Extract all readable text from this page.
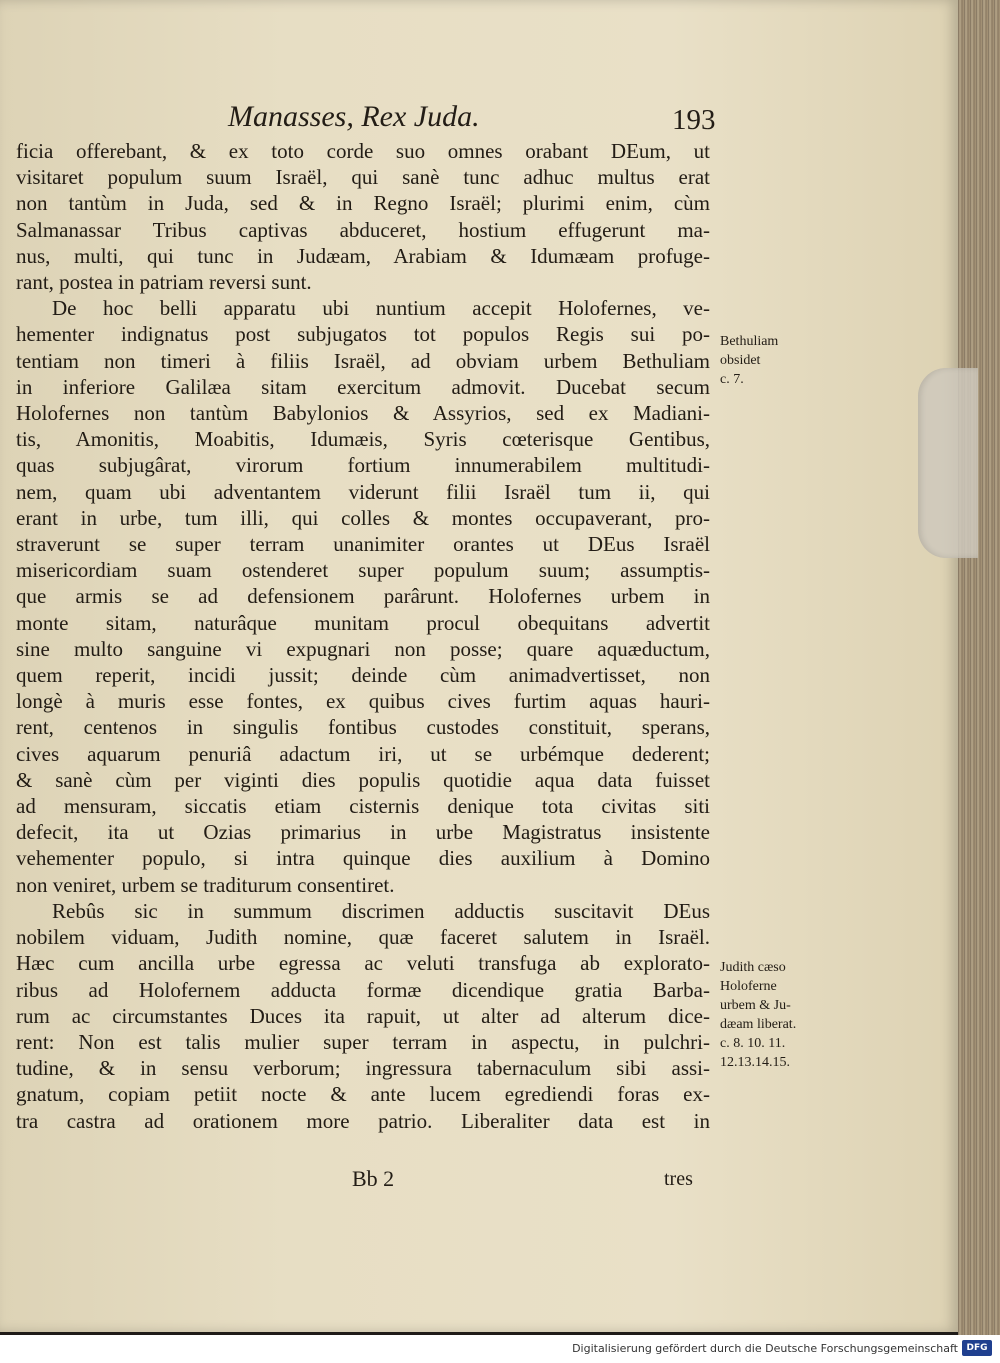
Manasses, Rex Juda.	193
ficia offerebant, & ex toto corde suo omnes orabant DEum, ut
visitaret populum suum Israël, qui sanè tunc adhuc multus erat
non tantùm in Juda, sed & in Regno Israël; plurimi enim, cùm
Salmanassar Tribus captivas abduceret, hostium effugerunt ma-
nus, multi, qui tunc in Judæam, Arabiam & Idumæam profuge-
rant, postea in patriam reversi sunt.
De hoc belli apparatu ubi nuntium accepit Holofernes, ve-
hementer indignatus post subjugatos tot populos Regis sui po-
tentiam non timeri à filiis Israël, ad obviam urbem Bethuliam
in inferiore Galilæa sitam exercitum admovit. Ducebat secum
Holofernes non tantùm Babylonios & Assyrios, sed ex Madiani-
tis, Amonitis, Moabitis, Idumæis, Syris cœterisque Gentibus,
quas subjugârat, virorum fortium innumerabilem multitudi-
nem, quam ubi adventantem viderunt filii Israël tum ii, qui
erant in urbe, tum illi, qui colles & montes occupaverant, pro-
straverunt se super terram unanimiter orantes ut DEus Israël
misericordiam suam ostenderet super populum suum; assumptis-
que armis se ad defensionem parârunt. Holofernes urbem in
monte sitam, naturâque munitam procul obequitans advertit
sine multo sanguine vi expugnari non posse; quare aquæductum,
quem reperit, incidi jussit; deinde cùm animadvertisset, non
longè à muris esse fontes, ex quibus cives furtim aquas hauri-
rent, centenos in singulis fontibus custodes constituit, sperans,
cives aquarum penuriâ adactum iri, ut se urbémque dederent;
& sanè cùm per viginti dies populis quotidie aqua data fuisset
ad mensuram, siccatis etiam cisternis denique tota civitas siti
defecit, ita ut Ozias primarius in urbe Magistratus insistente
vehementer populo, si intra quinque dies auxilium à Domino
non veniret, urbem se traditurum consentiret.
Rebûs sic in summum discrimen adductis suscitavit DEus
nobilem viduam, Judith nomine, quæ faceret salutem in Israël.
Hæc cum ancilla urbe egressa ac veluti transfuga ab explorato-
ribus ad Holofernem adducta formæ dicendique gratia Barba-
rum ac circumstantes Duces ita rapuit, ut alter ad alterum dice-
rent: Non est talis mulier super terram in aspectu, in pulchri-
tudine, & in sensu verborum; ingressura tabernaculum sibi assi-
gnatum, copiam petiit nocte & ante lucem egrediendi foras ex-
tra castra ad orationem more patrio. Liberaliter data est in
Bethuliam
obsidet
c. 7.
Judith cæso
Holoferne
urbem & Ju-
dæam liberat.
c. 8. 10. 11.
12.13.14.15.
Bb 2	tres
Digitalisierung gefördert durch die Deutsche Forschungsgemeinschaft DFG
